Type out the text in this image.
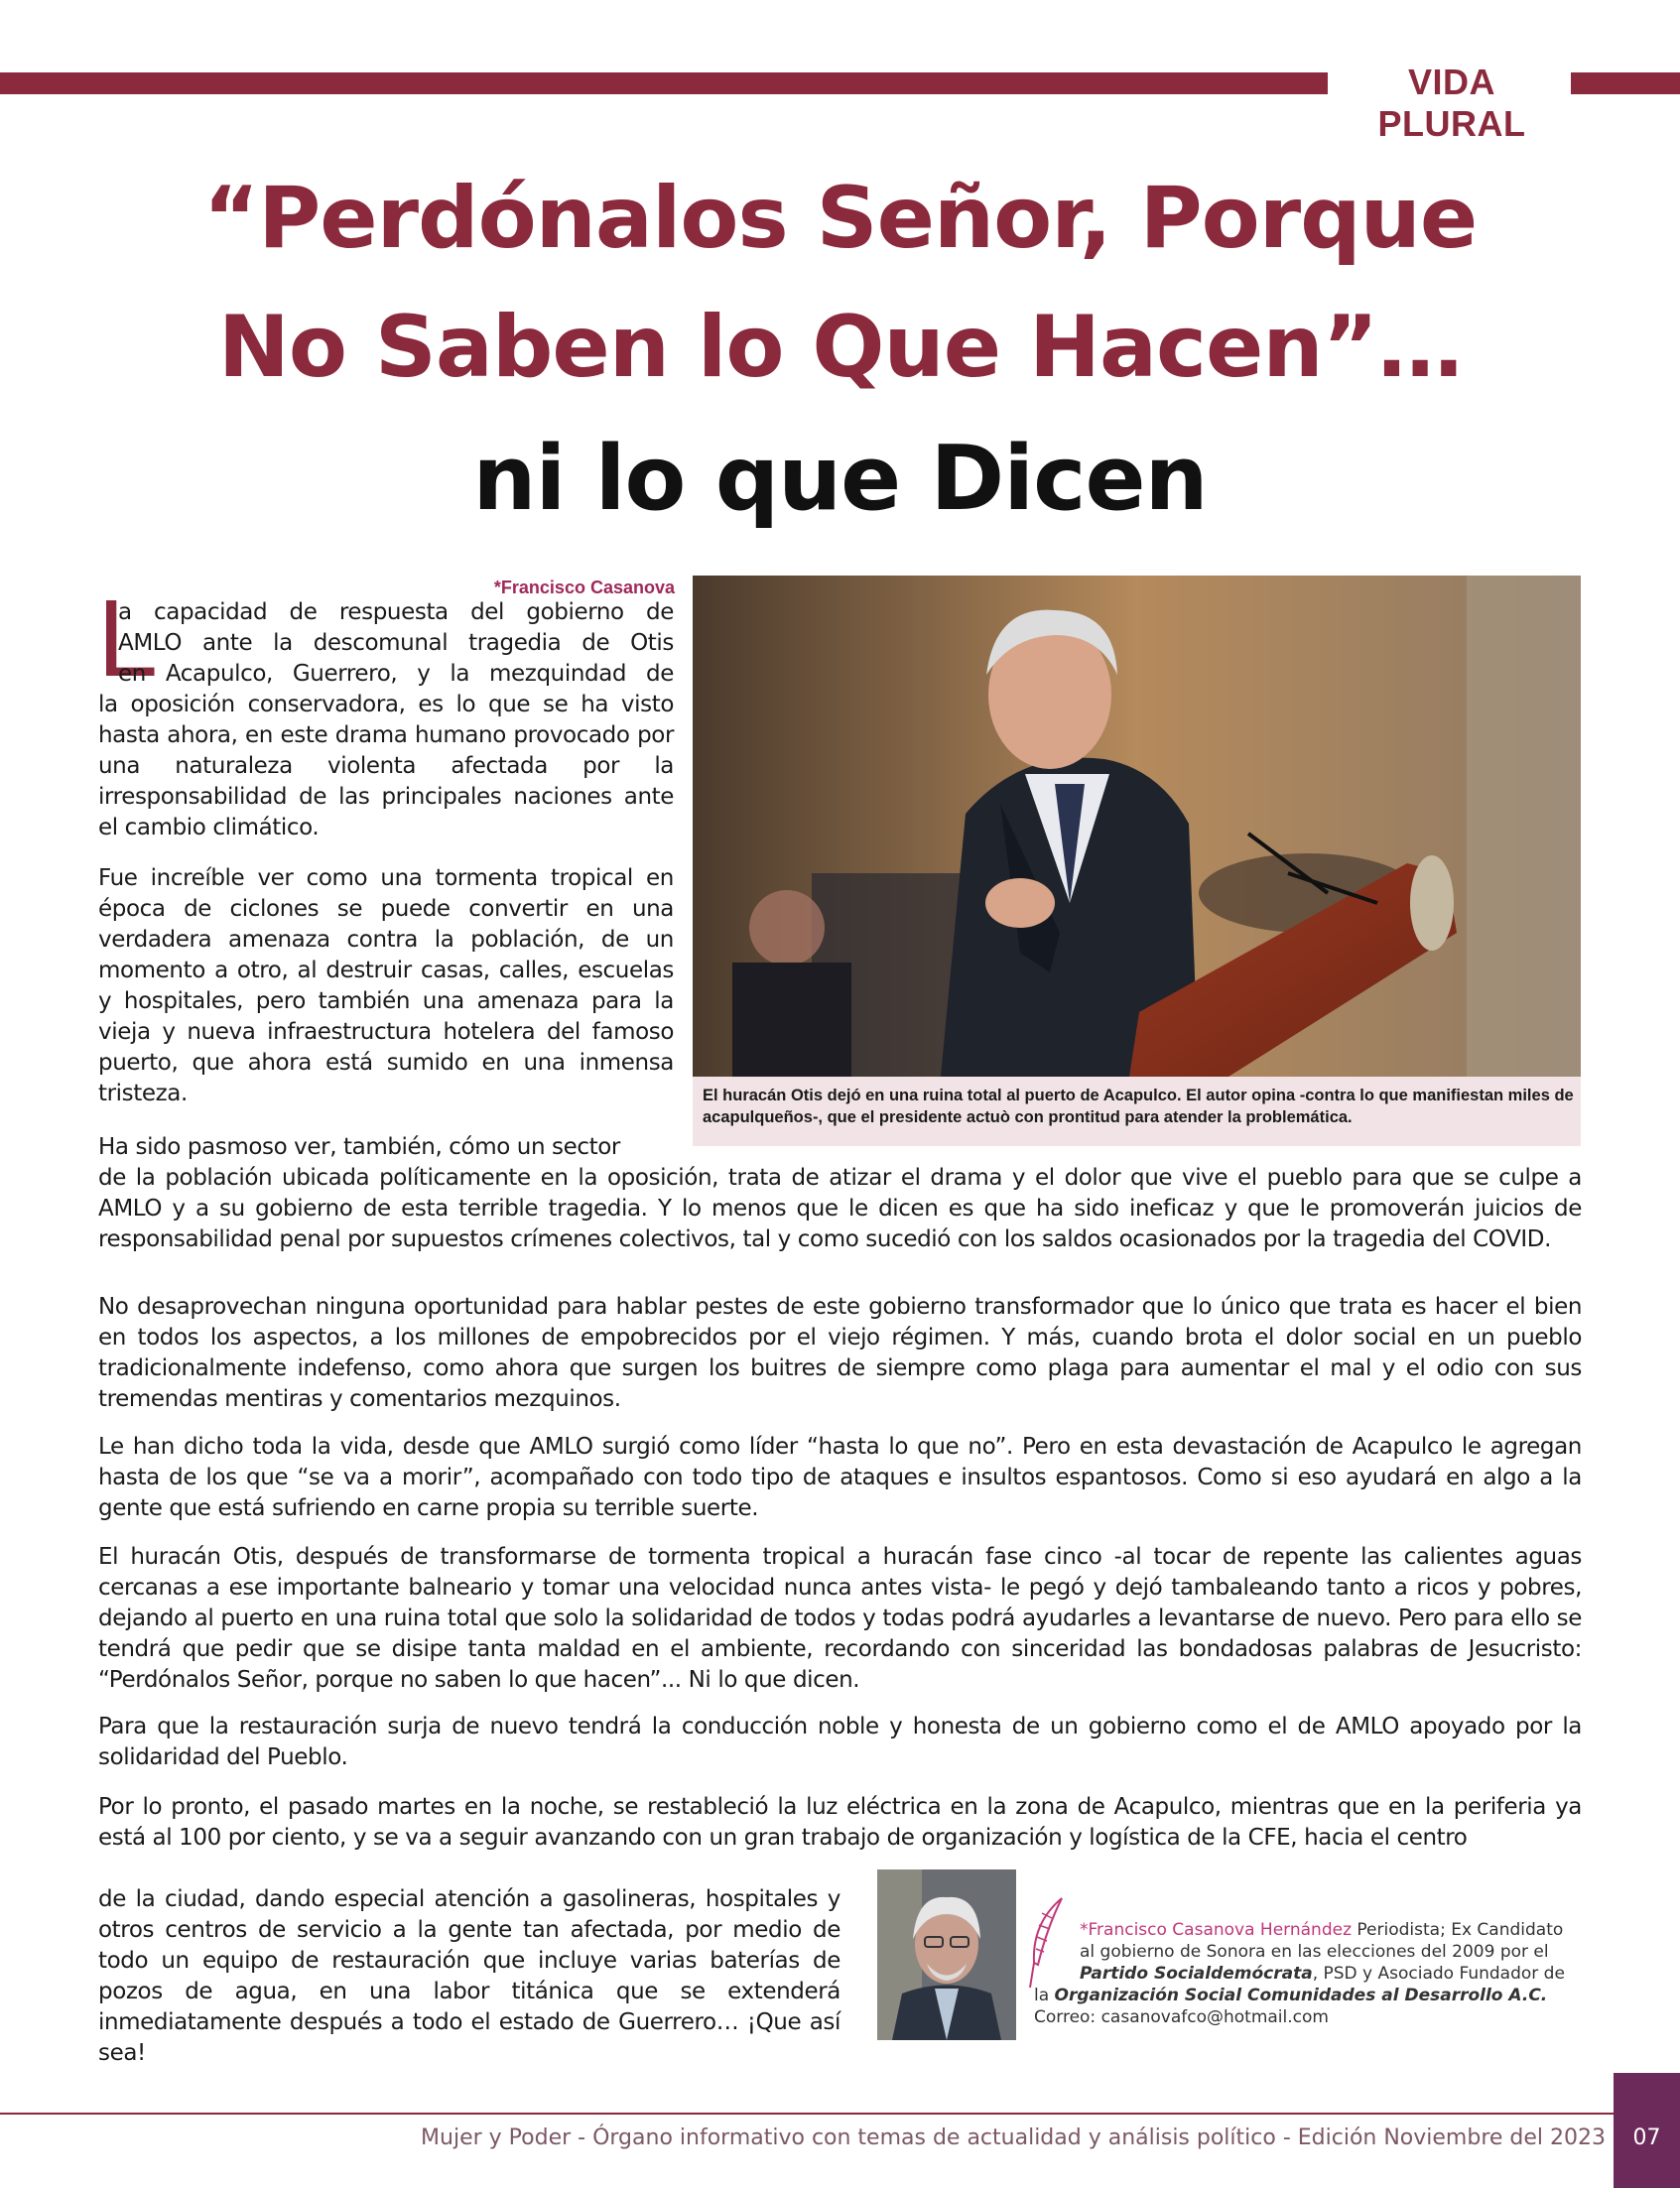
VIDA PLURAL
“Perdónalos Señor, Porque
No Saben lo Que Hacen”…
ni lo que Dicen
*Francisco Casanova
L
a capacidad de respuesta del gobierno de
AMLO ante la descomunal tragedia de Otis
en Acapulco, Guerrero, y la mezquindad de
la oposición conservadora, es lo que se ha visto hasta ahora, en este drama humano provocado por una naturaleza violenta afectada por la irresponsabilidad de las principales naciones ante el cambio climático.

Fue increíble ver como una tormenta tropical en época de ciclones se puede convertir en una verdadera amenaza contra la población, de un momento a otro, al destruir casas, calles, escuelas y hospitales, pero también una amenaza para la vieja y nueva infraestructura hotelera del famoso puerto, que ahora está sumido en una inmensa tristeza.

Ha sido pasmoso ver, también, cómo un sector

de la población ubicada políticamente en la oposición, trata de atizar el drama y el dolor que vive el pueblo para que se culpe a AMLO y a su gobierno de esta terrible tragedia. Y lo menos que le dicen es que ha sido ineficaz y que le promoverán juicios de responsabilidad penal por supuestos crímenes colectivos, tal y como sucedió con los saldos ocasionados por la tragedia del COVID.

No desaprovechan ninguna oportunidad para hablar pestes de este gobierno transformador que lo único que trata es hacer el bien en todos los aspectos, a los millones de empobrecidos por el viejo régimen. Y más, cuando brota el dolor social en un pueblo tradicionalmente indefenso, como ahora que surgen los buitres de siempre como plaga para aumentar el mal y el odio con sus tremendas mentiras y comentarios mezquinos.

Le han dicho toda la vida, desde que AMLO surgió como líder “hasta lo que no”. Pero en esta devastación de Acapulco le agregan hasta de los que “se va a morir”, acompañado con todo tipo de ataques e insultos espantosos. Como si eso ayudará en algo a la gente que está sufriendo en carne propia su terrible suerte.

El huracán Otis, después de transformarse de tormenta tropical a huracán fase cinco -al tocar de repente las calientes aguas cercanas a ese importante balneario y tomar una velocidad nunca antes vista- le pegó y dejó tambaleando tanto a ricos y pobres, dejando al puerto en una ruina total que solo la solidaridad de todos y todas podrá ayudarles a levantarse de nuevo. Pero para ello se tendrá que pedir que se disipe tanta maldad en el ambiente, recordando con sinceridad las bondadosas palabras de Jesucristo: “Perdónalos Señor, porque no saben lo que hacen”... Ni lo que dicen.

Para que la restauración surja de nuevo tendrá la conducción noble y honesta de un gobierno como el de AMLO apoyado por la solidaridad del Pueblo.

Por lo pronto, el pasado martes en la noche, se restableció la luz eléctrica en la zona de Acapulco, mientras que en la periferia ya está al 100 por ciento, y se va a seguir avanzando con un gran trabajo de organización y logística de la CFE, hacia el centro

de la ciudad, dando especial atención a gasolineras, hospitales y otros centros de servicio a la gente tan afectada, por medio de todo un equipo de restauración que incluye varias baterías de pozos de agua, en una labor titánica que se extenderá inmediatamente después a todo el estado de Guerrero… ¡Que así sea!

El huracán Otis dejó en una ruina total al puerto de Acapulco. El autor opina -contra lo que manifiestan miles de acapulqueños-, que el presidente actuò con prontitud para atender la problemática.
*Francisco Casanova Hernández Periodista; Ex Candidato al gobierno de Sonora en las elecciones del 2009 por el Partido Socialdemócrata, PSD y Asociado Fundador de
la Organización Social Comunidades al Desarrollo A.C.
Correo: casanovafco@hotmail.com
Mujer y Poder - Órgano informativo con temas de actualidad y análisis político - Edición Noviembre del 2023	07
